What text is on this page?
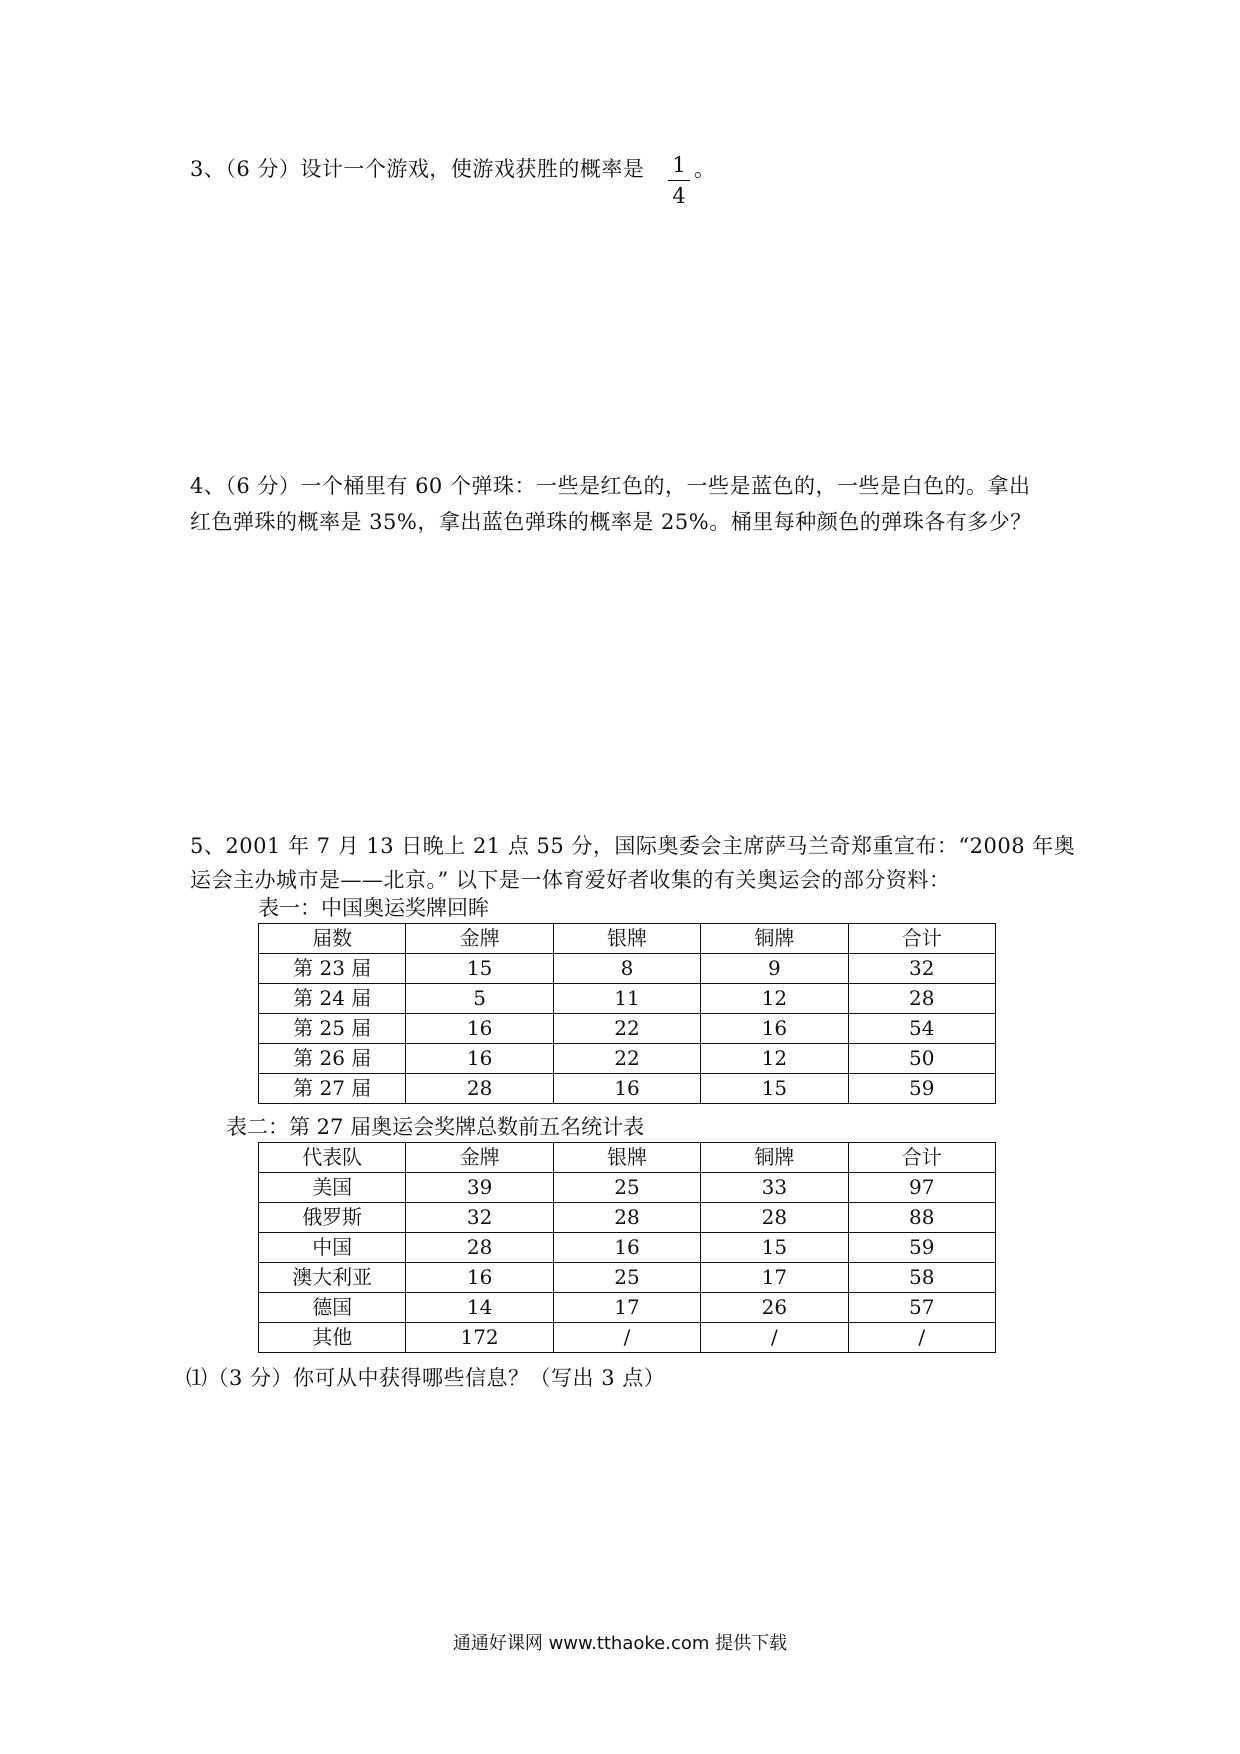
3、（6 分）设计一个游戏，使游戏获胜的概率是 1
4
。
4、（6 分）一个桶里有 60 个弹珠：一些是红色的，一些是蓝色的，一些是白色的。拿出
红色弹珠的概率是 35%，拿出蓝色弹珠的概率是 25%。桶里每种颜色的弹珠各有多少？
5、2001 年 7 月 13 日晚上 21 点 55 分，国际奥委会主席萨马兰奇郑重宣布：“2008 年奥
运会主办城市是——北京。” 以下是一体育爱好者收集的有关奥运会的部分资料：
表一：中国奥运奖牌回眸
届数	金牌	银牌	铜牌	合计
第 23 届	15	8	9	32
第 24 届	5	11	12	28
第 25 届	16	22	16	54
第 26 届	16	22	12	50
第 27 届	28	16	15	59
表二：第 27 届奥运会奖牌总数前五名统计表
代表队	金牌	银牌	铜牌	合计
美国	39	25	33	97
俄罗斯	32	28	28	88
中国	28	16	15	59
澳大利亚	16	25	17	58
德国	14	17	26	57
其他	172	/	/	/
⑴（3 分）你可从中获得哪些信息？（写出 3 点）
通通好课网 www.tthaoke.com 提供下载
